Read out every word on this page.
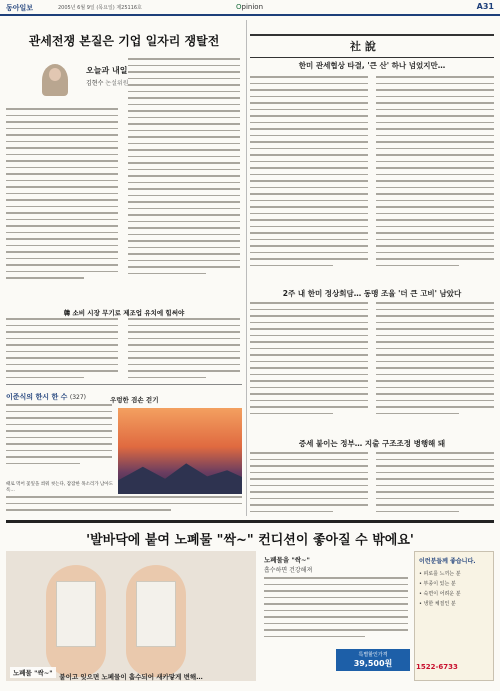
동아일보	2005년 6월 9일 (목요일) 제25116호	Opinion	A31
관세전쟁 본질은 기업 일자리 쟁탈전
오늘과 내일
김현수 논설위원
韓 소비 시장 무기로 제조업 유치에 힘써야
이준식의 한시 한 수 (327)	우렁한 겸손 걷기
때로 먹어 꽃잎을 씌워 씻는다, 잠잠한 목소리가 남아도록…
社 說
한미 관세협상 타결, '큰 산' 하나 넘었지만…
2주 내 한미 정상회담… 동맹 조율 '더 큰 고비' 남았다
증세 붙이는 정부… 지출 구조조정 병행해 돼
'발바닥에 붙여 노폐물 "싹~" 컨디션이 좋아질 수 밖에요'
노폐물 "싹~"
노폐물을 "싹~"
흡수하면 건강해져
특별할인가격
39,500원
이런분들께 좋습니다.
• 피로를 느끼는 분
• 부종이 있는 분
• 숙면이 어려운 분
• 냉한 체질인 분
1522-6733
붙이고 잊으면 노폐물이 흡수되어 새카맣게 변해…
